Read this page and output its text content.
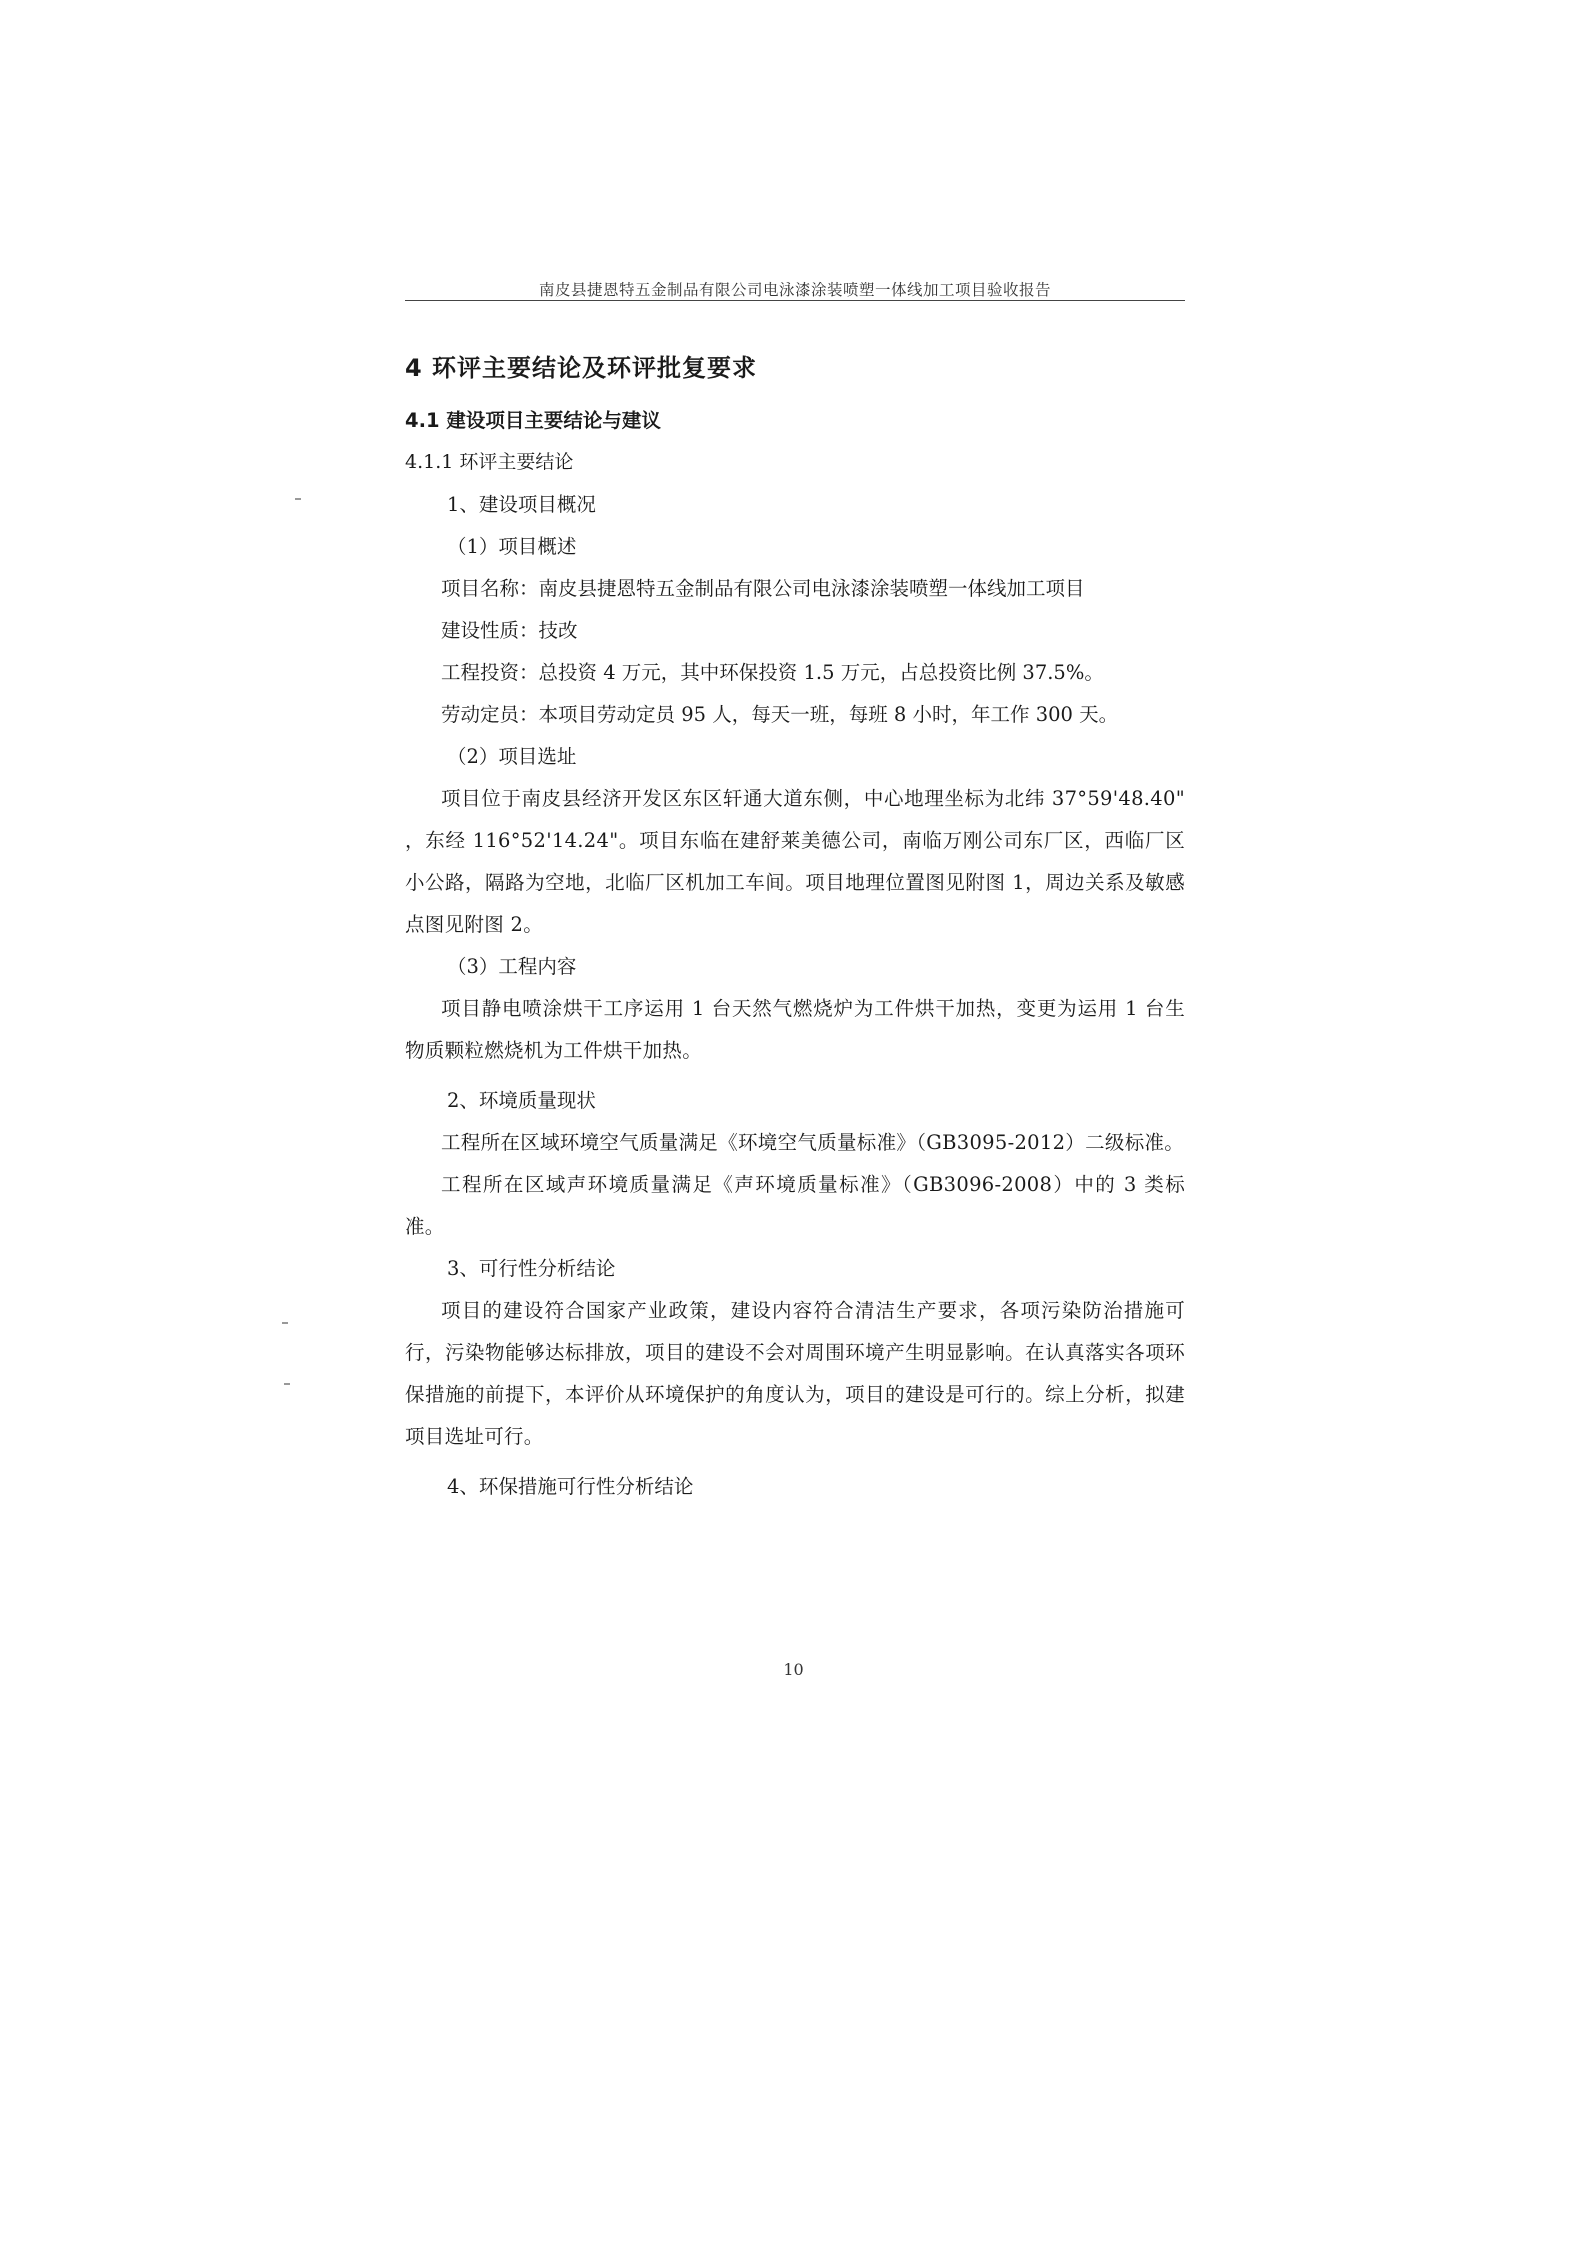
南皮县捷恩特五金制品有限公司电泳漆涂装喷塑一体线加工项目验收报告
4 环评主要结论及环评批复要求
4.1 建设项目主要结论与建议
4.1.1 环评主要结论
1、建设项目概况
（1）项目概述
项目名称：南皮县捷恩特五金制品有限公司电泳漆涂装喷塑一体线加工项目
建设性质：技改
工程投资：总投资 4 万元，其中环保投资 1.5 万元，占总投资比例 37.5%。
劳动定员：本项目劳动定员 95 人，每天一班，每班 8 小时，年工作 300 天。
（2）项目选址

项目位于南皮县经济开发区东区轩通大道东侧，中心地理坐标为北纬 37°59'48.40" ，东经 116°52'14.24"。项目东临在建舒莱美德公司，南临万刚公司东厂区，西临厂区小公路，隔路为空地，北临厂区机加工车间。项目地理位置图见附图 1，周边关系及敏感点图见附图 2。

（3）工程内容

项目静电喷涂烘干工序运用 1 台天然气燃烧炉为工件烘干加热，变更为运用 1 台生物质颗粒燃烧机为工件烘干加热。

2、环境质量现状

工程所在区域环境空气质量满足《环境空气质量标准》（GB3095-2012）二级标准。

工程所在区域声环境质量满足《声环境质量标准》（GB3096-2008）中的 3 类标准。

3、可行性分析结论

项目的建设符合国家产业政策，建设内容符合清洁生产要求，各项污染防治措施可行，污染物能够达标排放，项目的建设不会对周围环境产生明显影响。在认真落实各项环保措施的前提下，本评价从环境保护的角度认为，项目的建设是可行的。综上分析，拟建项目选址可行。

4、环保措施可行性分析结论
10
